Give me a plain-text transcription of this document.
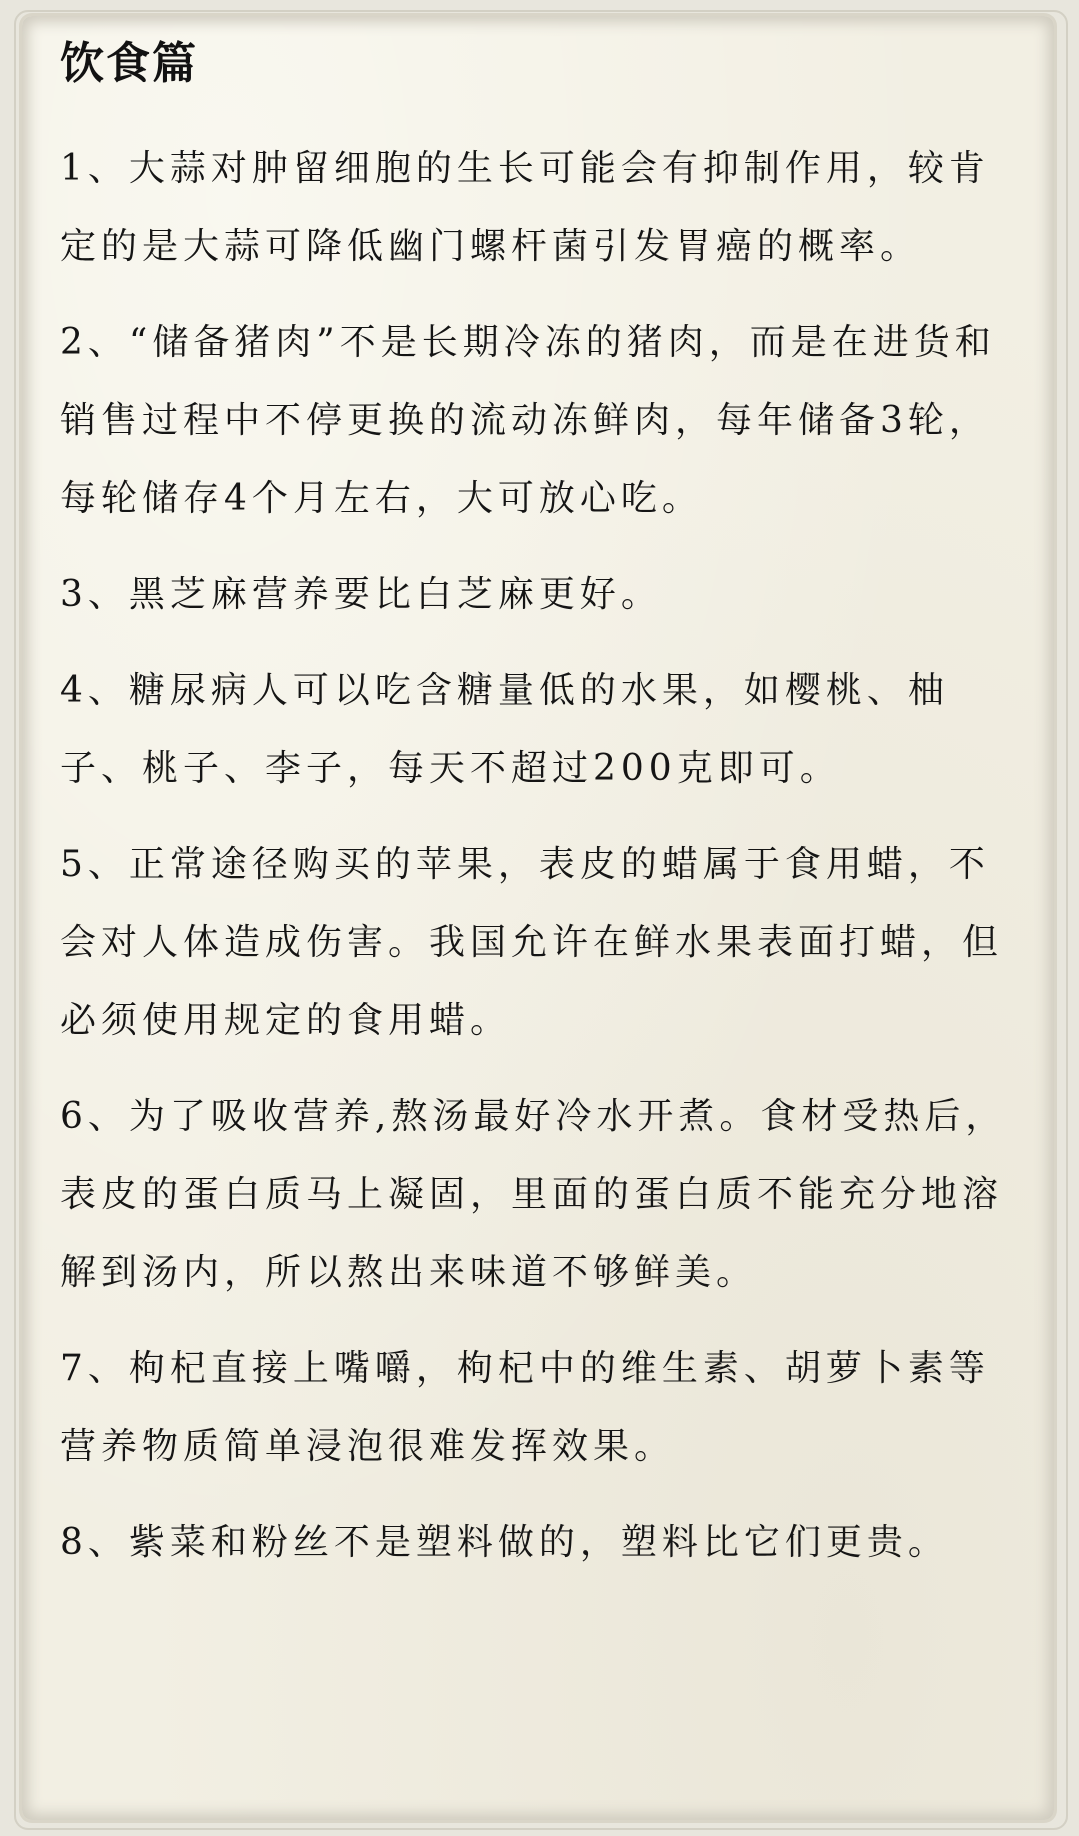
饮食篇

1、大蒜对肿留细胞的生长可能会有抑制作用，较肯定的是大蒜可降低幽门螺杆菌引发胃癌的概率。

2、“储备猪肉”不是长期冷冻的猪肉，而是在进货和销售过程中不停更换的流动冻鲜肉，每年储备3轮，每轮储存4个月左右，大可放心吃。

3、黑芝麻营养要比白芝麻更好。

4、糖尿病人可以吃含糖量低的水果，如樱桃、柚子、桃子、李子，每天不超过200克即可。

5、正常途径购买的苹果，表皮的蜡属于食用蜡，不会对人体造成伤害。我国允许在鲜水果表面打蜡，但必须使用规定的食用蜡。

6、为了吸收营养,熬汤最好冷水开煮。食材受热后，表皮的蛋白质马上凝固，里面的蛋白质不能充分地溶解到汤内，所以熬出来味道不够鲜美。

7、枸杞直接上嘴嚼，枸杞中的维生素、胡萝卜素等营养物质简单浸泡很难发挥效果。

8、紫菜和粉丝不是塑料做的，塑料比它们更贵。
